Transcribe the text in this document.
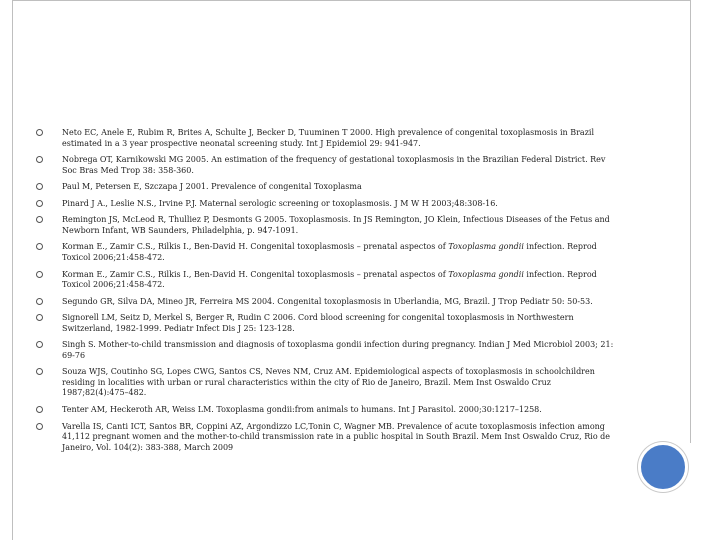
Neto EC, Anele E, Rubim R, Brites A, Schulte J, Becker D, Tuuminen T 2000. High prevalence of congenital toxoplasmosis in Brazil estimated in a 3 year prospective neonatal screening study. Int J Epidemiol 29: 941-947.
Nobrega OT, Karnikowski MG 2005. An estimation of the frequency of gestational toxoplasmosis in the Brazilian Federal District. Rev Soc Bras Med Trop 38: 358-360.
Paul M, Petersen E, Szczapa J 2001. Prevalence of congenital Toxoplasma
Pinard J A., Leslie N.S., Irvine P.J. Maternal serologic screening or toxoplasmosis. J M W H 2003;48:308-16.
Remington JS, McLeod R, Thulliez P, Desmonts G 2005. Toxoplasmosis. In JS Remington, JO Klein, Infectious Diseases of the Fetus and Newborn Infant, WB Saunders, Philadelphia, p. 947-1091.
Korman E., Zamir C.S., Rilkis I., Ben-David H. Congenital toxoplasmosis – prenatal aspectos of Toxoplasma gondii infection. Reprod Toxicol 2006;21:458-472.
Korman E., Zamir C.S., Rilkis I., Ben-David H. Congenital toxoplasmosis – prenatal aspectos of Toxoplasma gondii infection. Reprod Toxicol 2006;21:458-472.
Segundo GR, Silva DA, Mineo JR, Ferreira MS 2004. Congenital toxoplasmosis in Uberlandia, MG, Brazil. J Trop Pediatr 50: 50-53.
Signorell LM, Seitz D, Merkel S, Berger R, Rudin C 2006. Cord blood screening for congenital toxoplasmosis in Northwestern Switzerland, 1982-1999. Pediatr Infect Dis J 25: 123-128.
Singh S. Mother-to-child transmission and diagnosis of toxoplasma gondii infection during pregnancy. Indian J Med Microbiol 2003; 21: 69-76
Souza WJS, Coutinho SG, Lopes CWG, Santos CS, Neves NM, Cruz AM. Epidemiological aspects of toxoplasmosis in schoolchildren residing in localities with urban or rural characteristics within the city of Rio de Janeiro, Brazil. Mem Inst Oswaldo Cruz 1987;82(4):475–482.
Tenter AM, Heckeroth AR, Weiss LM. Toxoplasma gondii:from animals to humans. Int J Parasitol. 2000;30:1217–1258.
Varella IS, Canti ICT, Santos BR, Coppini AZ, Argondizzo LC,Tonin C, Wagner MB. Prevalence of acute toxoplasmosis infection among 41,112 pregnant women and the mother-to-child transmission rate in a public hospital in South Brazil. Mem Inst Oswaldo Cruz, Rio de Janeiro, Vol. 104(2): 383-388, March 2009
